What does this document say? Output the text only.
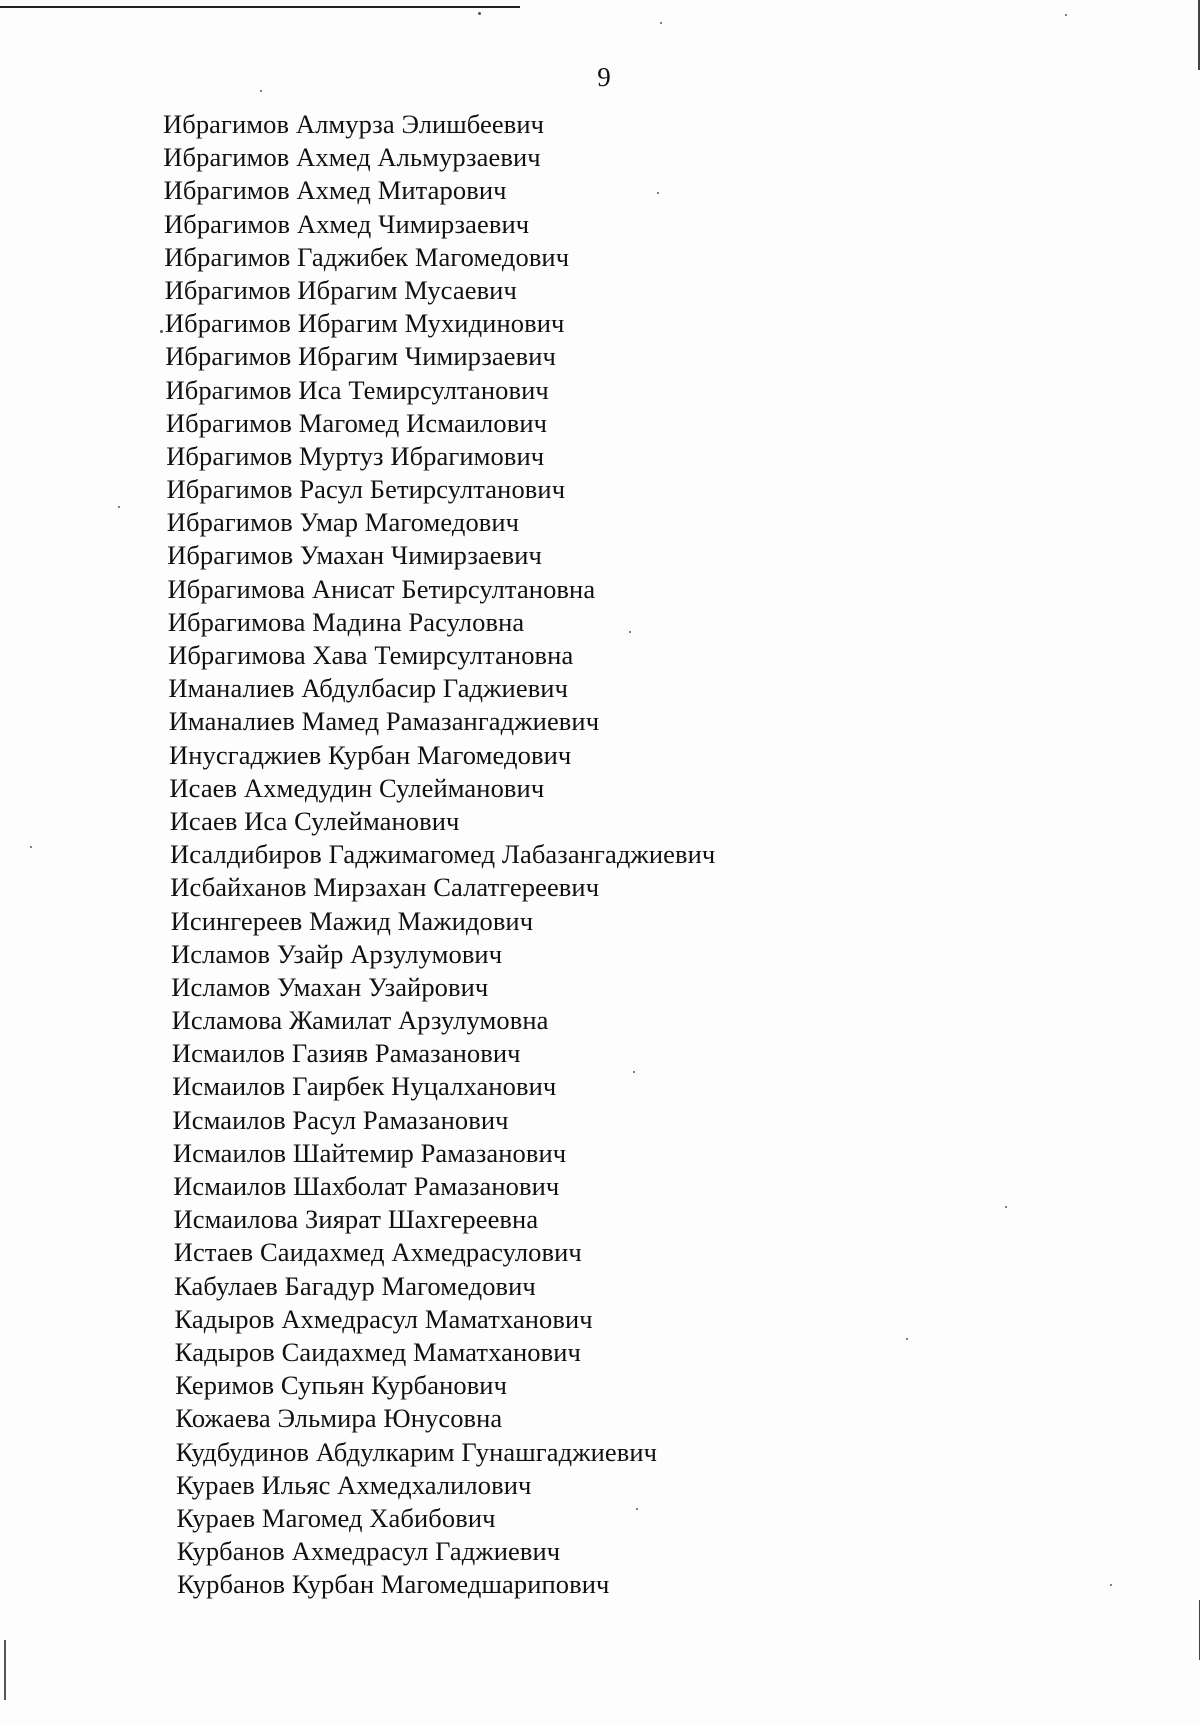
9
Ибрагимов Алмурза Элишбеевич
Ибрагимов Ахмед Альмурзаевич
Ибрагимов Ахмед Митарович
Ибрагимов Ахмед Чимирзаевич
Ибрагимов Гаджибек Магомедович
Ибрагимов Ибрагим Мусаевич
Ибрагимов Ибрагим Мухидинович
Ибрагимов Ибрагим Чимирзаевич
Ибрагимов Иса Темирсултанович
Ибрагимов Магомед Исмаилович
Ибрагимов Муртуз Ибрагимович
Ибрагимов Расул Бетирсултанович
Ибрагимов Умар Магомедович
Ибрагимов Умахан Чимирзаевич
Ибрагимова Анисат Бетирсултановна
Ибрагимова Мадина Расуловна
Ибрагимова Хава Темирсултановна
Иманалиев Абдулбасир Гаджиевич
Иманалиев Мамед Рамазангаджиевич
Инусгаджиев Курбан Магомедович
Исаев Ахмедудин Сулейманович
Исаев Иса Сулейманович
Исалдибиров Гаджимагомед Лабазангаджиевич
Исбайханов Мирзахан Салатгереевич
Исингереев Мажид Мажидович
Исламов Узайр Арзулумович
Исламов Умахан Узайрович
Исламова Жамилат Арзулумовна
Исмаилов Газияв Рамазанович
Исмаилов Гаирбек Нуцалханович
Исмаилов Расул Рамазанович
Исмаилов Шайтемир Рамазанович
Исмаилов Шахболат Рамазанович
Исмаилова Зиярат Шахгереевна
Истаев Саидахмед Ахмедрасулович
Кабулаев Багадур Магомедович
Кадыров Ахмедрасул Маматханович
Кадыров Саидахмед Маматханович
Керимов Супьян Курбанович
Кожаева Эльмира Юнусовна
Кудбудинов Абдулкарим Гунашгаджиевич
Кураев Ильяс Ахмедхалилович
Кураев Магомед Хабибович
Курбанов Ахмедрасул Гаджиевич
Курбанов Курбан Магомедшарипович
